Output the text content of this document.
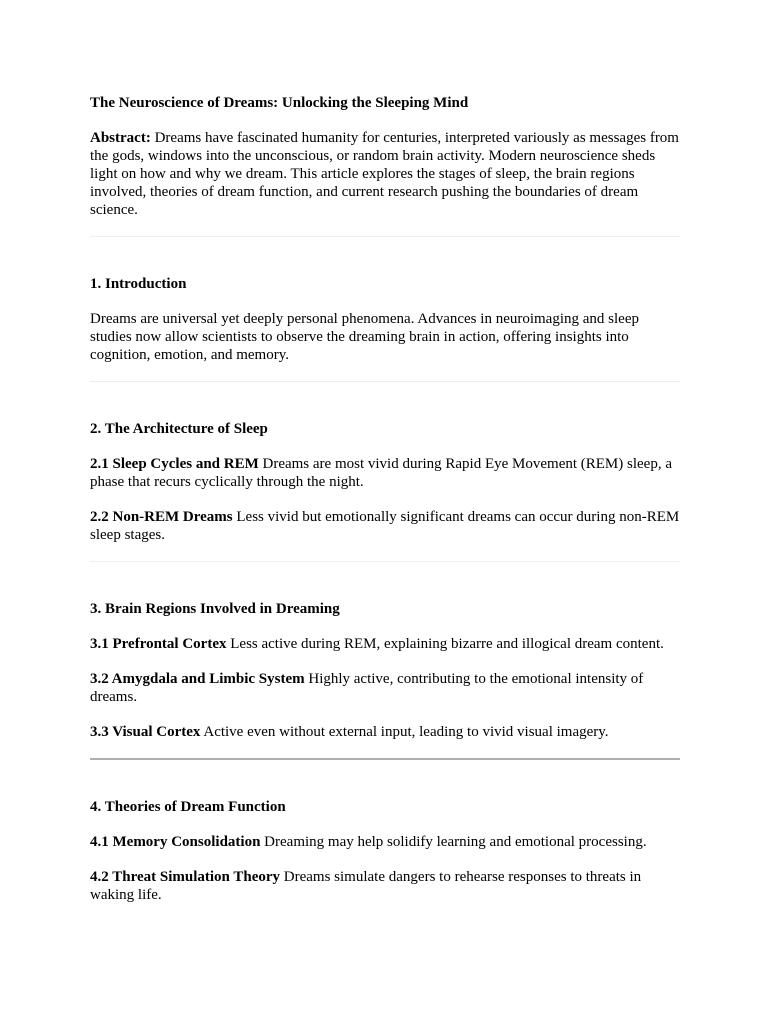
The Neuroscience of Dreams: Unlocking the Sleeping Mind

Abstract: Dreams have fascinated humanity for centuries, interpreted variously as messages from the gods, windows into the unconscious, or random brain activity. Modern neuroscience sheds light on how and why we dream. This article explores the stages of sleep, the brain regions involved, theories of dream function, and current research pushing the boundaries of dream science.

1. Introduction

Dreams are universal yet deeply personal phenomena. Advances in neuroimaging and sleep studies now allow scientists to observe the dreaming brain in action, offering insights into cognition, emotion, and memory.

2. The Architecture of Sleep

2.1 Sleep Cycles and REM Dreams are most vivid during Rapid Eye Movement (REM) sleep, a phase that recurs cyclically through the night.

2.2 Non-REM Dreams Less vivid but emotionally significant dreams can occur during non-REM sleep stages.

3. Brain Regions Involved in Dreaming

3.1 Prefrontal Cortex Less active during REM, explaining bizarre and illogical dream content.

3.2 Amygdala and Limbic System Highly active, contributing to the emotional intensity of dreams.

3.3 Visual Cortex Active even without external input, leading to vivid visual imagery.

4. Theories of Dream Function

4.1 Memory Consolidation Dreaming may help solidify learning and emotional processing.

4.2 Threat Simulation Theory Dreams simulate dangers to rehearse responses to threats in waking life.
